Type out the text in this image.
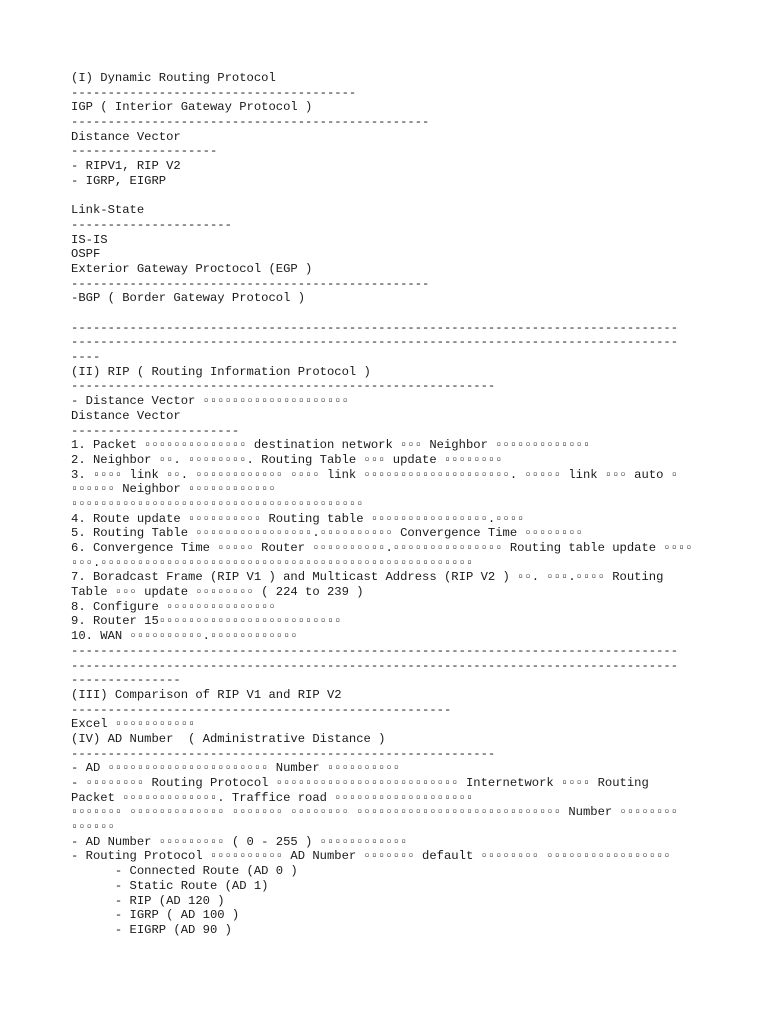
(I) Dynamic Routing Protocol
---------------------------------------
IGP ( Interior Gateway Protocol )
-------------------------------------------------
Distance Vector
--------------------
- RIPV1, RIP V2
- IGRP, EIGRP
Link-State
----------------------
IS-IS
OSPF
Exterior Gateway Proctocol (EGP )
-------------------------------------------------
-BGP ( Border Gateway Protocol )
-----------------------------------------------------------------------------------
-----------------------------------------------------------------------------------
----
(II) RIP ( Routing Information Protocol )
----------------------------------------------------------
- Distance Vector ▫▫▫▫▫▫▫▫▫▫▫▫▫▫▫▫▫▫▫▫
Distance Vector
-----------------------
1. Packet ▫▫▫▫▫▫▫▫▫▫▫▫▫▫ destination network ▫▫▫ Neighbor ▫▫▫▫▫▫▫▫▫▫▫▫▫
2. Neighbor ▫▫. ▫▫▫▫▫▫▫▫. Routing Table ▫▫▫ update ▫▫▫▫▫▫▫▫
3. ▫▫▫▫ link ▫▫. ▫▫▫▫▫▫▫▫▫▫▫▫ ▫▫▫▫ link ▫▫▫▫▫▫▫▫▫▫▫▫▫▫▫▫▫▫▫▫. ▫▫▫▫▫ link ▫▫▫ auto ▫
▫▫▫▫▫▫ Neighbor ▫▫▫▫▫▫▫▫▫▫▫▫
▫▫▫▫▫▫▫▫▫▫▫▫▫▫▫▫▫▫▫▫▫▫▫▫▫▫▫▫▫▫▫▫▫▫▫▫▫▫▫▫
4. Route update ▫▫▫▫▫▫▫▫▫▫ Routing table ▫▫▫▫▫▫▫▫▫▫▫▫▫▫▫▫.▫▫▫▫
5. Routing Table ▫▫▫▫▫▫▫▫▫▫▫▫▫▫▫▫.▫▫▫▫▫▫▫▫▫▫ Convergence Time ▫▫▫▫▫▫▫▫
6. Convergence Time ▫▫▫▫▫ Router ▫▫▫▫▫▫▫▫▫▫.▫▫▫▫▫▫▫▫▫▫▫▫▫▫▫ Routing table update ▫▫▫▫
▫▫▫.▫▫▫▫▫▫▫▫▫▫▫▫▫▫▫▫▫▫▫▫▫▫▫▫▫▫▫▫▫▫▫▫▫▫▫▫▫▫▫▫▫▫▫▫▫▫▫▫▫▫▫
7. Boradcast Frame (RIP V1 ) and Multicast Address (RIP V2 ) ▫▫. ▫▫▫.▫▫▫▫ Routing
Table ▫▫▫ update ▫▫▫▫▫▫▫▫ ( 224 to 239 )
8. Configure ▫▫▫▫▫▫▫▫▫▫▫▫▫▫▫
9. Router 15▫▫▫▫▫▫▫▫▫▫▫▫▫▫▫▫▫▫▫▫▫▫▫▫▫
10. WAN ▫▫▫▫▫▫▫▫▫▫.▫▫▫▫▫▫▫▫▫▫▫▫
-----------------------------------------------------------------------------------
-----------------------------------------------------------------------------------
---------------
(III) Comparison of RIP V1 and RIP V2
----------------------------------------------------
Excel ▫▫▫▫▫▫▫▫▫▫▫
(IV) AD Number  ( Administrative Distance )
----------------------------------------------------------
- AD ▫▫▫▫▫▫▫▫▫▫▫▫▫▫▫▫▫▫▫▫▫▫ Number ▫▫▫▫▫▫▫▫▫▫
- ▫▫▫▫▫▫▫▫ Routing Protocol ▫▫▫▫▫▫▫▫▫▫▫▫▫▫▫▫▫▫▫▫▫▫▫▫▫ Internetwork ▫▫▫▫ Routing
Packet ▫▫▫▫▫▫▫▫▫▫▫▫▫. Traffice road ▫▫▫▫▫▫▫▫▫▫▫▫▫▫▫▫▫▫▫
▫▫▫▫▫▫▫ ▫▫▫▫▫▫▫▫▫▫▫▫▫ ▫▫▫▫▫▫▫ ▫▫▫▫▫▫▫▫ ▫▫▫▫▫▫▫▫▫▫▫▫▫▫▫▫▫▫▫▫▫▫▫▫▫▫▫▫ Number ▫▫▫▫▫▫▫▫
▫▫▫▫▫▫
- AD Number ▫▫▫▫▫▫▫▫▫ ( 0 - 255 ) ▫▫▫▫▫▫▫▫▫▫▫▫
- Routing Protocol ▫▫▫▫▫▫▫▫▫▫ AD Number ▫▫▫▫▫▫▫ default ▫▫▫▫▫▫▫▫ ▫▫▫▫▫▫▫▫▫▫▫▫▫▫▫▫▫
- Connected Route (AD 0 )
- Static Route (AD 1)
- RIP (AD 120 )
- IGRP ( AD 100 )
- EIGRP (AD 90 )
